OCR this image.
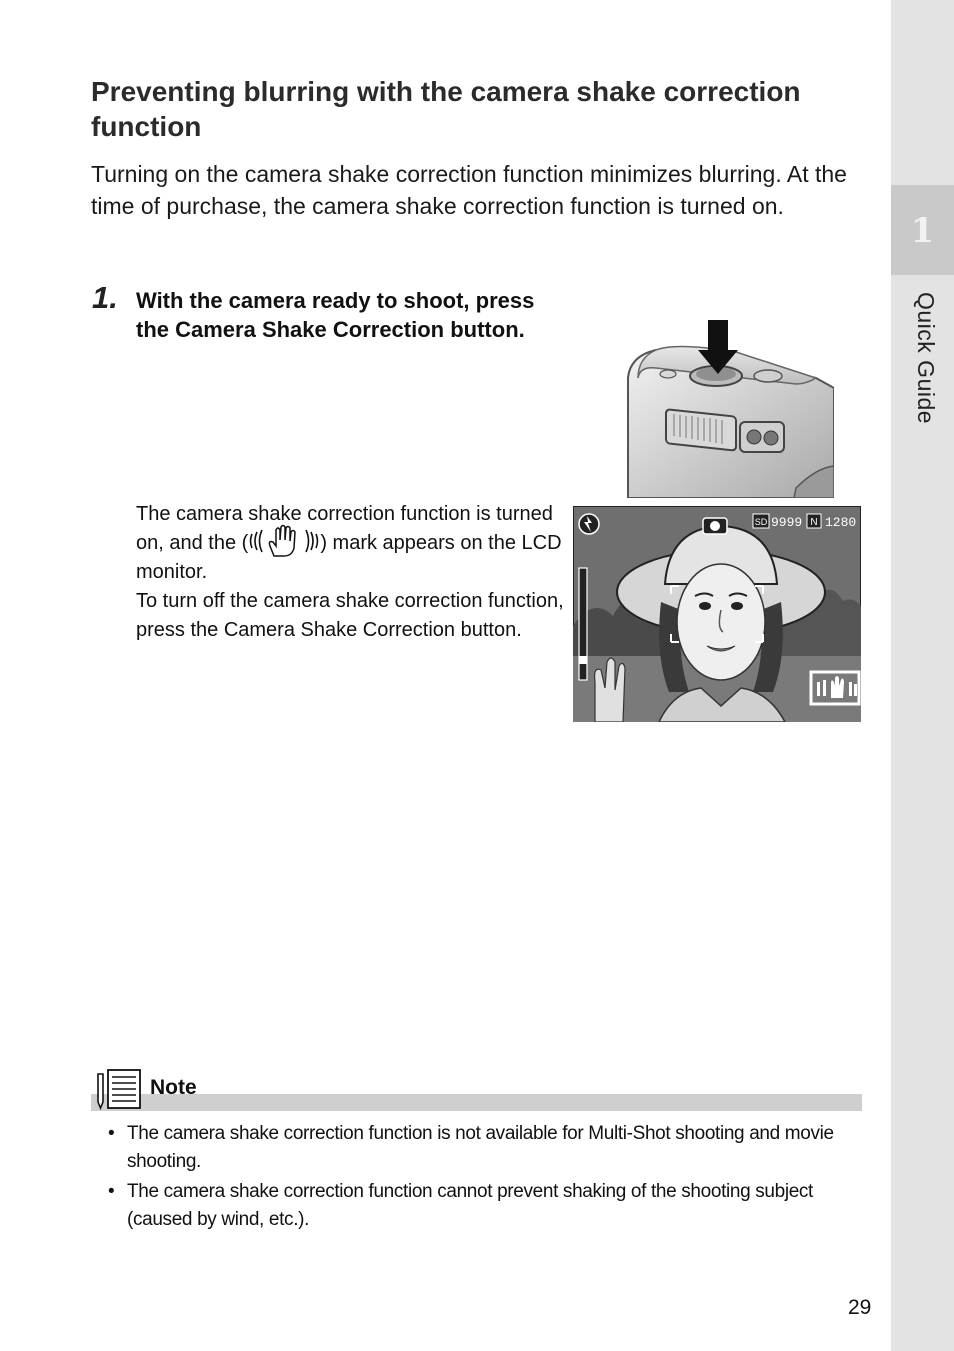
1
Quick Guide
Preventing blurring with the camera shake correction function

Turning on the camera shake correction function minimizes blurring. At the time of purchase, the camera shake correction function is turned on.

1. With the camera ready to shoot, press the Camera Shake Correction button.

SD 9999 N 1280

The camera shake correction function is turned on, and the (	) mark appears on the LCD monitor.

To turn off the camera shake correction function, press the Camera Shake Correction button.

Note
• The camera shake correction function is not available for Multi-Shot shooting and movie shooting.
• The camera shake correction function cannot prevent shaking of the shooting subject (caused by wind, etc.).
29
